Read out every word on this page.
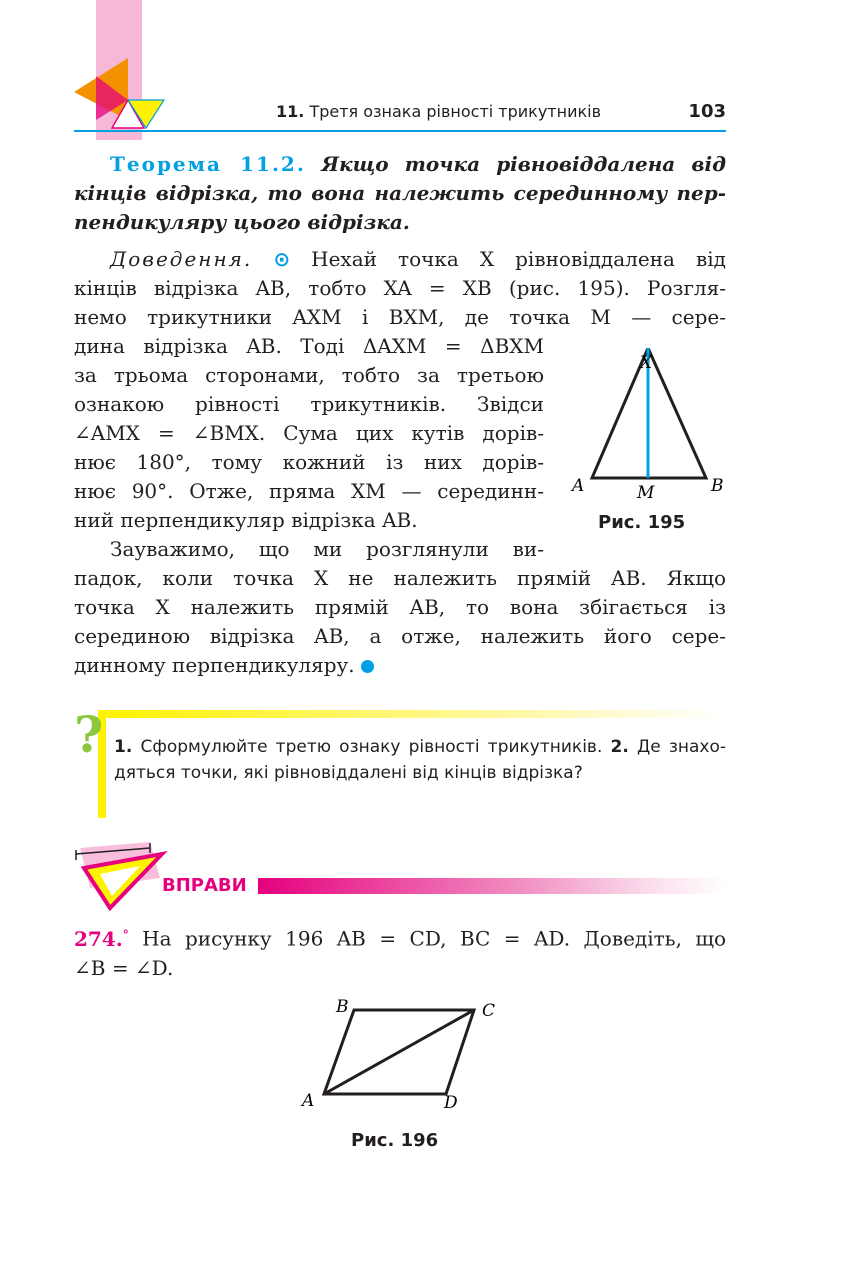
11. Третя ознака рівності трикутників	103
Теорема 11.2. Якщо точка рівновіддалена від
кінців відрізка, то вона належить серединному пер-
пендикуляру цього відрізка.
Доведення. ⊙ Нехай точка X рівновіддалена від
кінців відрізка AB, тобто XA = XB (рис. 195). Розгля-
немо трикутники AXM і BXM, де точка M — сере-
дина відрізка AB. Тоді ΔAXM = ΔBXM
за трьома сторонами, тобто за третьою
ознакою рівності трикутників. Звідси
∠AMX = ∠BMX. Сума цих кутів дорів-
нює 180°, тому кожний із них дорів-
нює 90°. Отже, пряма XM — серединн-
ний перпендикуляр відрізка AB.
Зауважимо, що ми розглянули ви-
падок, коли точка X не належить прямій AB. Якщо
точка X належить прямій AB, то вона збігається із
серединою відрізка AB, а отже, належить його сере-
динному перпендикуляру.
X
A	B
M
Рис. 195
? 1. Сформулюйте третю ознаку рівності трикутників. 2. Де знахо-
дяться точки, які рівновіддалені від кінців відрізка?
ВПРАВИ
274.° На рисунку 196 AB = CD, BC = AD. Доведіть, що
∠B = ∠D.
B	C
A	D
Рис. 196
